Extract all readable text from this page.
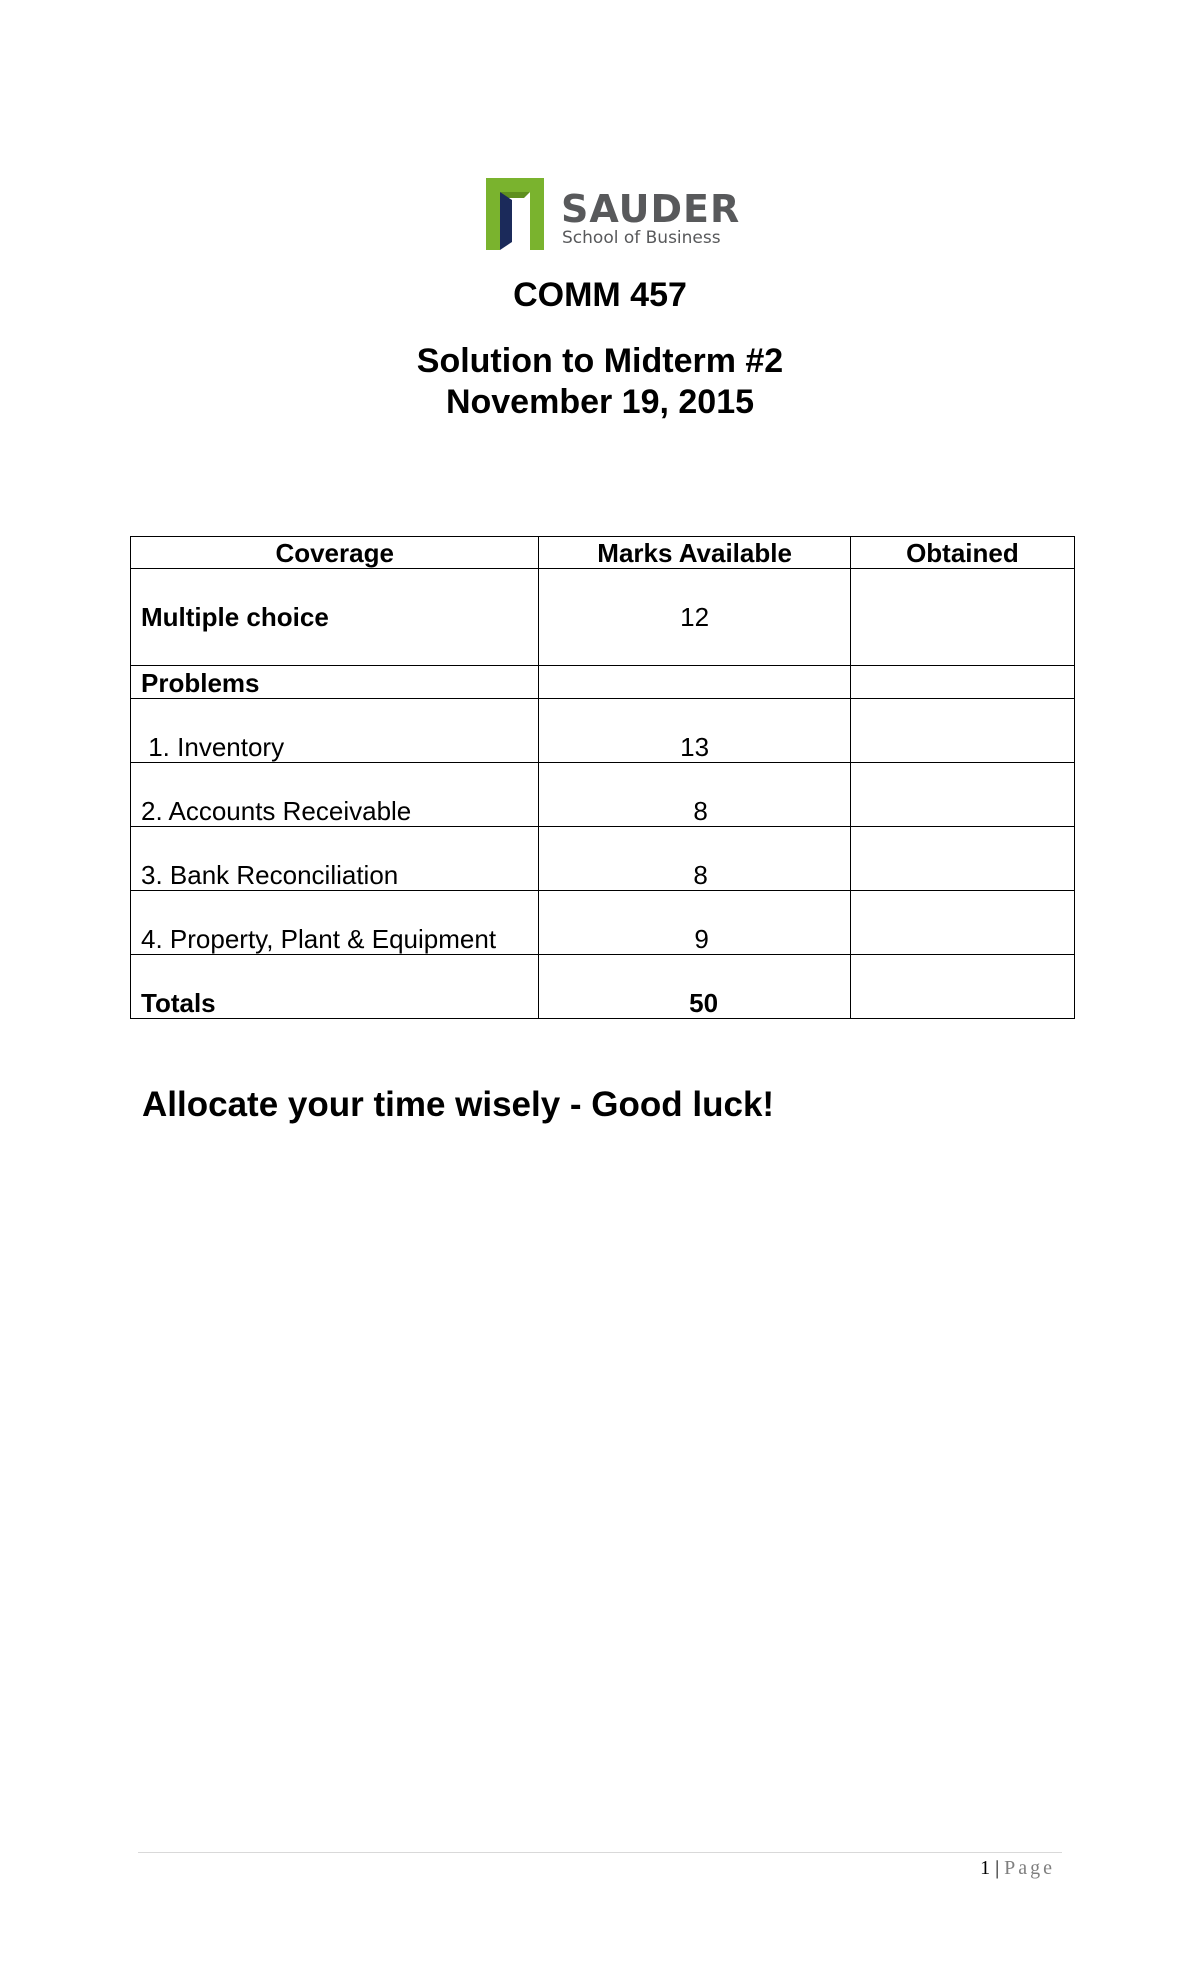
SAUDER
School of Business
COMM 457
Solution to Midterm #2
November 19, 2015
Coverage	Marks Available	Obtained
Multiple choice	12	
Problems		
1. Inventory	13	
2. Accounts Receivable	8	
3. Bank Reconciliation	8	
4. Property, Plant & Equipment	9	
Totals	50	
Allocate your time wisely - Good luck!
1 | Page
